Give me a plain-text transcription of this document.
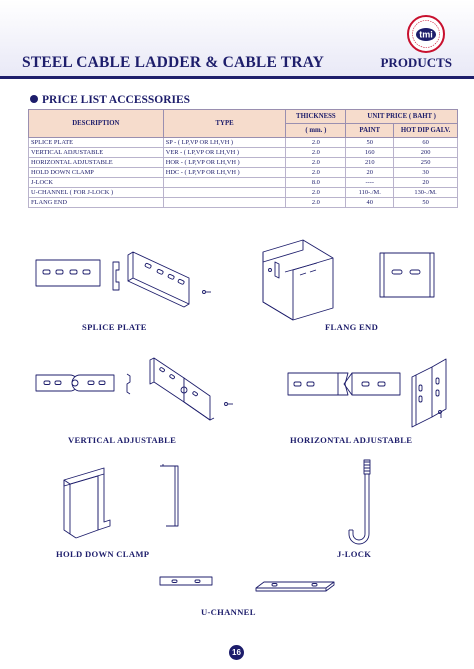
tmi
STEEL CABLE LADDER & CABLE TRAY	PRODUCTS
PRICE LIST ACCESSORIES
DESCRIPTION	TYPE	THICKNESS	UNIT PRICE ( BAHT )	
		( mm. )	PAINT	HOT DIP GALV.
SPLICE PLATE	SP - ( LP,VP OR LH,VH )	2.0	50	60
VERTICAL ADJUSTABLE	VER - ( LP,VP OR LH,VH )	2.0	160	200
HORIZONTAL ADJUSTABLE	HOR - ( LP,VP OR LH,VH )	2.0	210	250
HOLD DOWN CLAMP	HDC - ( LP,VP OR LH,VH )	2.0	20	30
J-LOCK		8.0	----	20
U-CHANNEL ( FOR J-LOCK )		2.0	110-./M.	130-./M.
FLANG END		2.0	40	50
SPLICE PLATE	FLANG END
VERTICAL ADJUSTABLE	HORIZONTAL ADJUSTABLE
HOLD DOWN CLAMP	J-LOCK
U-CHANNEL
16
